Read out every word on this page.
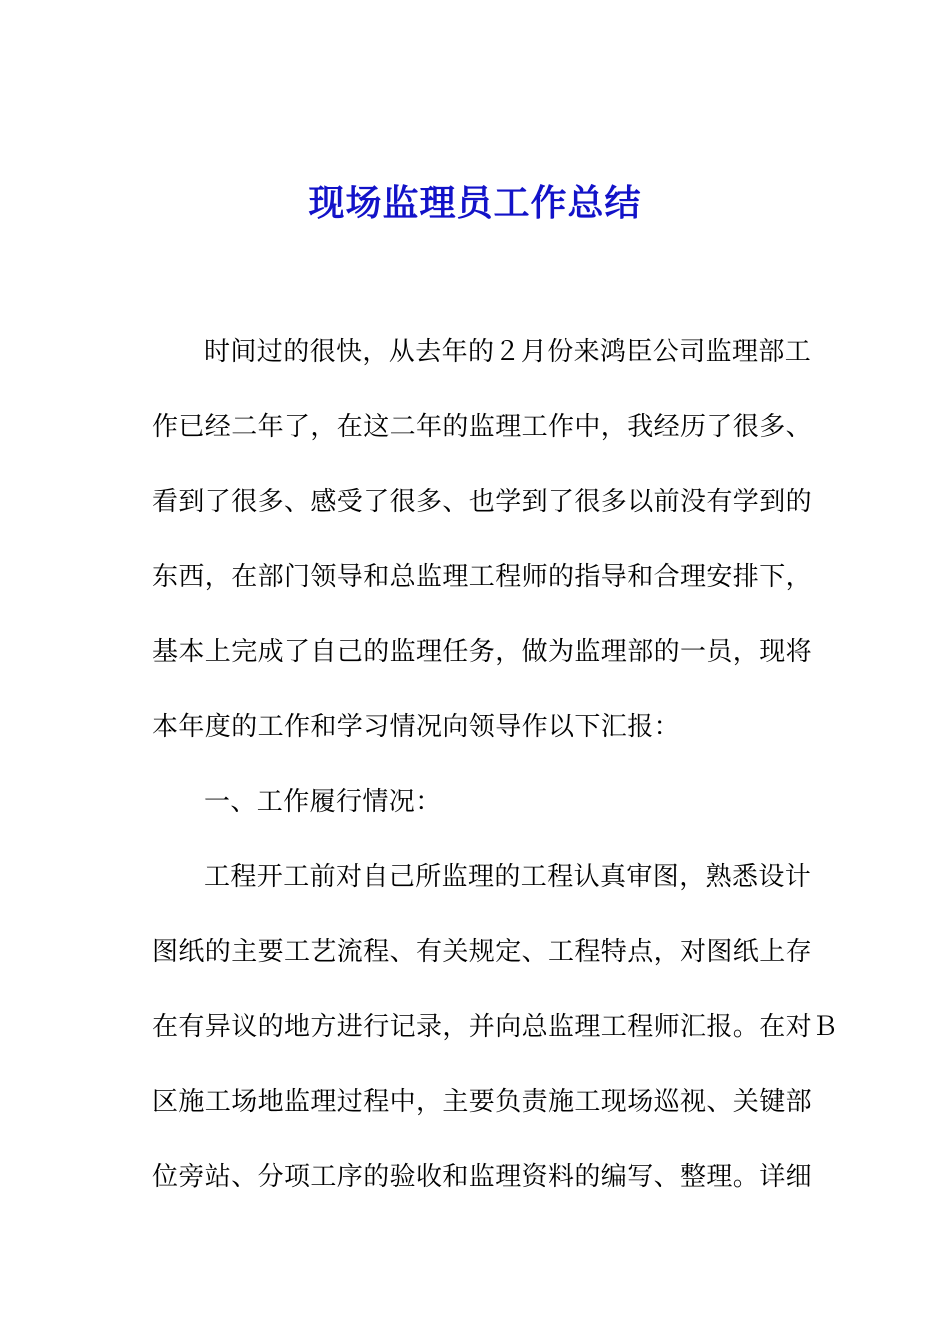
现场监理员工作总结
时间过的很快，从去年的２月份来鸿臣公司监理部工
作已经二年了，在这二年的监理工作中，我经历了很多、
看到了很多、感受了很多、也学到了很多以前没有学到的
东西，在部门领导和总监理工程师的指导和合理安排下，
基本上完成了自己的监理任务，做为监理部的一员，现将
本年度的工作和学习情况向领导作以下汇报：
一、工作履行情况：
工程开工前对自己所监理的工程认真审图，熟悉设计
图纸的主要工艺流程、有关规定、工程特点，对图纸上存
在有异议的地方进行记录，并向总监理工程师汇报。在对Ｂ
区施工场地监理过程中，主要负责施工现场巡视、关键部
位旁站、分项工序的验收和监理资料的编写、整理。详细
